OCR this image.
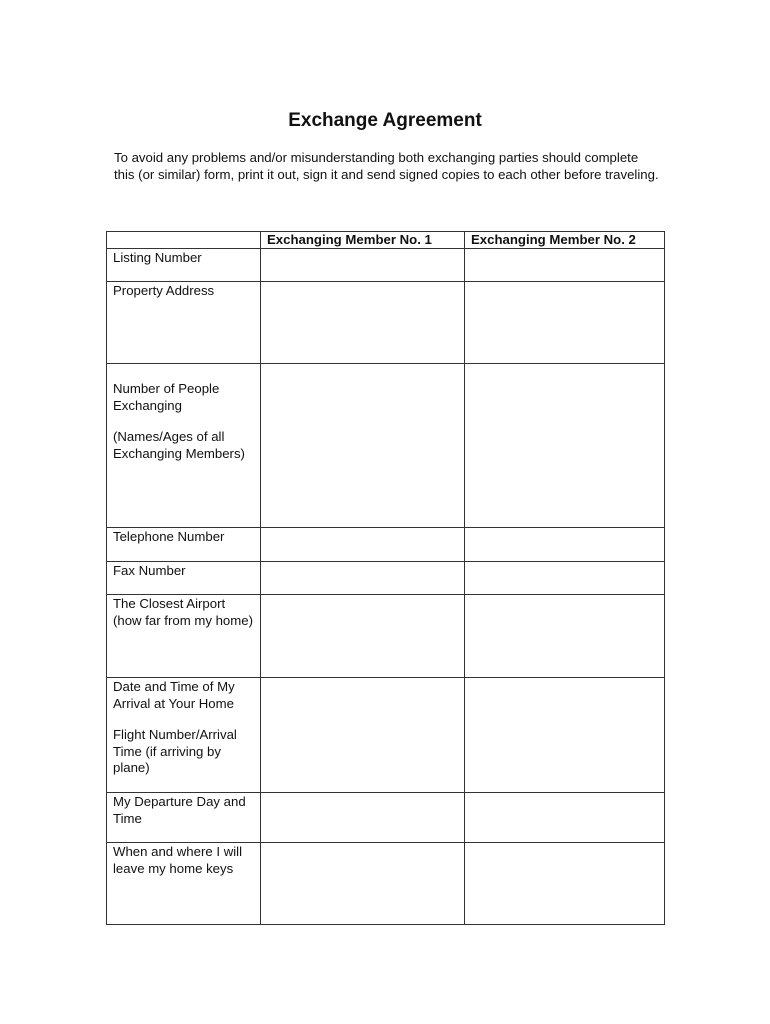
Exchange Agreement
To avoid any problems and/or misunderstanding both exchanging parties should complete this (or similar) form, print it out, sign it and send signed copies to each other before traveling.

	Exchanging Member No. 1	Exchanging Member No. 2

Listing Number		

Property Address		

Number of People Exchanging
(Names/Ages of all Exchanging Members)		

Telephone Number		

Fax Number		

The Closest Airport (how far from my home)		

Date and Time of My Arrival at Your Home
Flight Number/Arrival Time (if arriving by plane)		

My Departure Day and Time		

When and where I will leave my home keys		
